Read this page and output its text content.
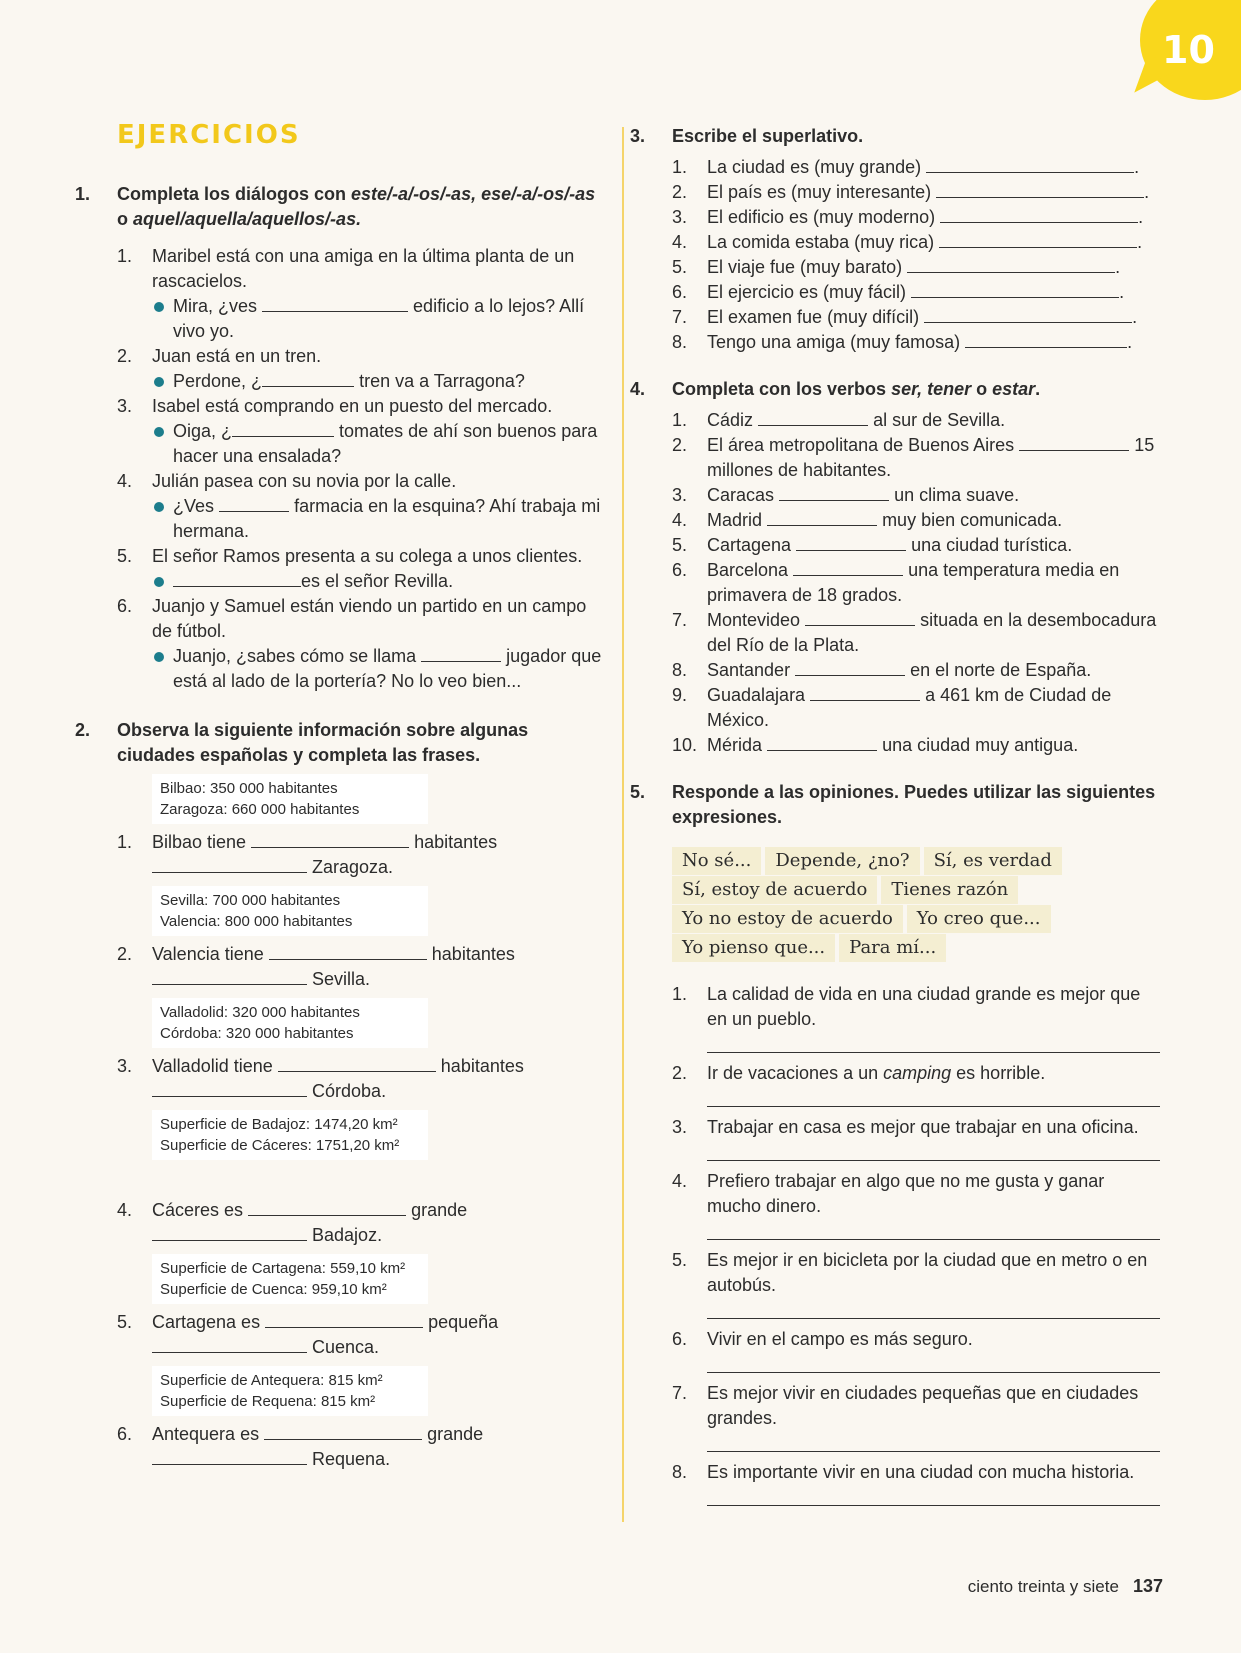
10
EJERCICIOS
1. Completa los diálogos con este/-a/-os/-as, ese/-a/-os/-as o aquel/aquella/aquellos/-as.
1. Maribel está con una amiga en la última planta de un rascacielos.
Mira, ¿ves	edificio a lo lejos? Allí vivo yo.
2. Juan está en un tren.
Perdone, ¿	tren va a Tarragona?
3. Isabel está comprando en un puesto del mercado.
Oiga, ¿	tomates de ahí son buenos para hacer una ensalada?
4. Julián pasea con su novia por la calle.
¿Ves	farmacia en la esquina? Ahí trabaja mi hermana.
5. El señor Ramos presenta a su colega a unos clientes.
es el señor Revilla.
6. Juanjo y Samuel están viendo un partido en un campo de fútbol.
Juanjo, ¿sabes cómo se llama	jugador que está al lado de la portería? No lo veo bien...
2. Observa la siguiente información sobre algunas ciudades españolas y completa las frases.
Bilbao: 350 000 habitantes
Zaragoza: 660 000 habitantes
1. Bilbao tiene	habitantes
Zaragoza.
Sevilla: 700 000 habitantes
Valencia: 800 000 habitantes
2. Valencia tiene	habitantes
Sevilla.
Valladolid: 320 000 habitantes
Córdoba: 320 000 habitantes
3. Valladolid tiene	habitantes
Córdoba.
Superficie de Badajoz: 1474,20 km²
Superficie de Cáceres: 1751,20 km²
4. Cáceres es	grande
Badajoz.
Superficie de Cartagena: 559,10 km²
Superficie de Cuenca: 959,10 km²
5. Cartagena es	pequeña
Cuenca.
Superficie de Antequera: 815 km²
Superficie de Requena: 815 km²
6. Antequera es	grande
Requena.
3. Escribe el superlativo.
1. La ciudad es (muy grande)	.
2. El país es (muy interesante)	.
3. El edificio es (muy moderno)	.
4. La comida estaba (muy rica)	.
5. El viaje fue (muy barato)	.
6. El ejercicio es (muy fácil)	.
7. El examen fue (muy difícil)	.
8. Tengo una amiga (muy famosa)	.
4. Completa con los verbos ser, tener o estar.
1. Cádiz	al sur de Sevilla.
2. El área metropolitana de Buenos Aires	15 millones de habitantes.
3. Caracas	un clima suave.
4. Madrid	muy bien comunicada.
5. Cartagena	una ciudad turística.
6. Barcelona	una temperatura media en primavera de 18 grados.
7. Montevideo	situada en la desembocadura del Río de la Plata.
8. Santander	en el norte de España.
9. Guadalajara	a 461 km de Ciudad de México.
10. Mérida	una ciudad muy antigua.
5. Responde a las opiniones. Puedes utilizar las siguientes expresiones.
No sé... Depende, ¿no? Sí, es verdad
Sí, estoy de acuerdo Tienes razón
Yo no estoy de acuerdo Yo creo que...
Yo pienso que... Para mí...
1. La calidad de vida en una ciudad grande es mejor que en un pueblo.
2. Ir de vacaciones a un camping es horrible.
3. Trabajar en casa es mejor que trabajar en una oficina.
4. Prefiero trabajar en algo que no me gusta y ganar mucho dinero.
5. Es mejor ir en bicicleta por la ciudad que en metro o en autobús.
6. Vivir en el campo es más seguro.
7. Es mejor vivir en ciudades pequeñas que en ciudades grandes.
8. Es importante vivir en una ciudad con mucha historia.
ciento treinta y siete 137
